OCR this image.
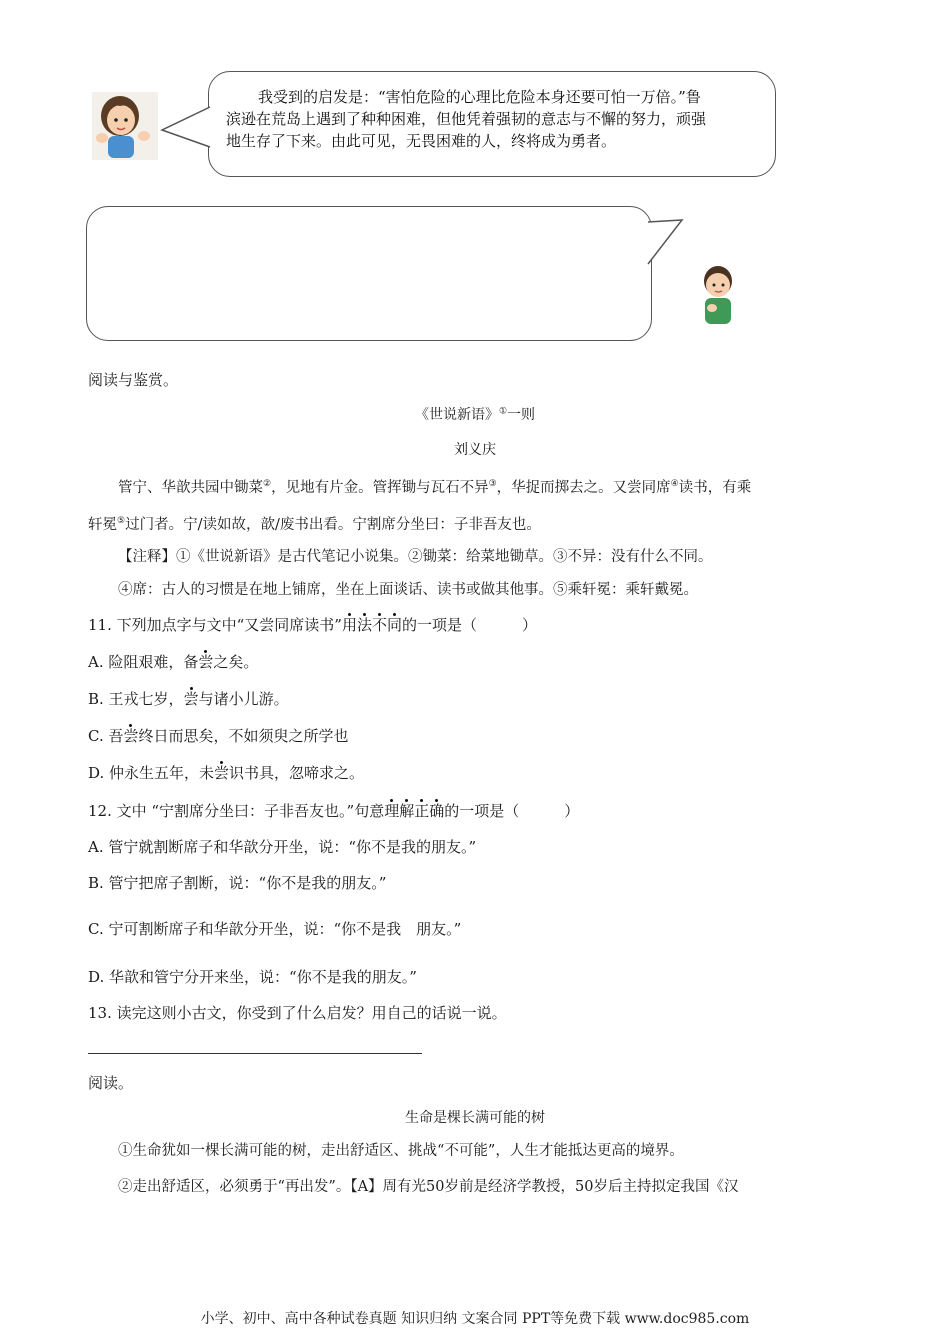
我受到的启发是：“害怕危险的心理比危险本身还要可怕一万倍。”鲁
滨逊在荒岛上遇到了种种困难，但他凭着强韧的意志与不懈的努力，顽强
地生存了下来。由此可见，无畏困难的人，终将成为勇者。
阅读与鉴赏。
《世说新语》①一则
刘义庆
管宁、华歆共园中锄菜②，见地有片金。管挥锄与瓦石不异③，华捉而掷去之。又尝同席④读书，有乘
轩冕⑤过门者。宁/读如故，歆/废书出看。宁割席分坐曰：子非吾友也。
【注释】①《世说新语》是古代笔记小说集。②锄菜：给菜地锄草。③不异：没有什么不同。
④席：古人的习惯是在地上铺席，坐在上面谈话、读书或做其他事。⑤乘轩冕：乘轩戴冕。
11. 下列加点字与文中“又尝同席读书”用法不同的一项是（　　　）
A. 险阻艰难，备尝之矣。
B. 王戎七岁，尝与诸小儿游。
C. 吾尝终日而思矣，不如须臾之所学也
D. 仲永生五年，未尝识书具，忽啼求之。
12. 文中 “宁割席分坐曰：子非吾友也。”句意理解正确的一项是（　　　）
A. 管宁就割断席子和华歆分开坐，说：“你不是我的朋友。”
B. 管宁把席子割断，说：“你不是我的朋友。”
C. 宁可割断席子和华歆分开坐，说：“你不是我　朋友。”
D. 华歆和管宁分开来坐，说：“你不是我的朋友。”
13. 读完这则小古文，你受到了什么启发？用自己的话说一说。
阅读。
生命是棵长满可能的树
①生命犹如一棵长满可能的树，走出舒适区、挑战“不可能”，人生才能抵达更高的境界。
②走出舒适区，必须勇于“再出发”。【A】周有光50岁前是经济学教授，50岁后主持拟定我国《汉
小学、初中、高中各种试卷真题 知识归纳 文案合同 PPT等免费下载 www.doc985.com
